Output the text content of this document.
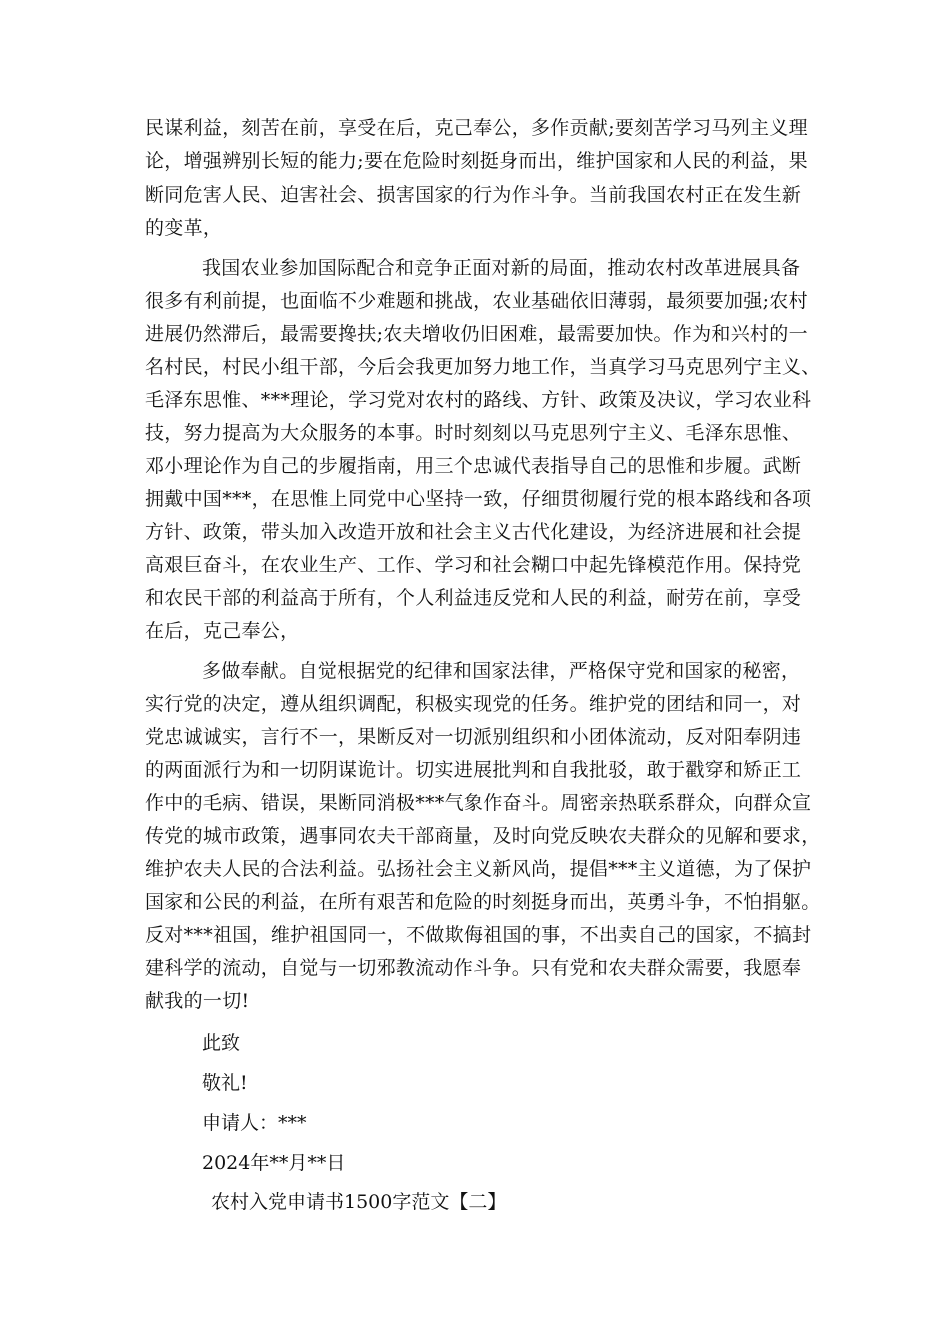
民谋利益，刻苦在前，享受在后，克己奉公，多作贡献;要刻苦学习马列主义理
论，增强辨别长短的能力;要在危险时刻挺身而出，维护国家和人民的利益，果
断同危害人民、迫害社会、损害国家的行为作斗争。当前我国农村正在发生新
的变革，
我国农业参加国际配合和竞争正面对新的局面，推动农村改革进展具备
很多有利前提，也面临不少难题和挑战，农业基础依旧薄弱，最须要加强;农村
进展仍然滞后，最需要搀扶;农夫增收仍旧困难，最需要加快。作为和兴村的一
名村民，村民小组干部，今后会我更加努力地工作，当真学习马克思列宁主义、
毛泽东思惟、***理论，学习党对农村的路线、方针、政策及决议，学习农业科
技，努力提高为大众服务的本事。时时刻刻以马克思列宁主义、毛泽东思惟、
邓小理论作为自己的步履指南，用三个忠诚代表指导自己的思惟和步履。武断
拥戴中国***，在思惟上同党中心坚持一致，仔细贯彻履行党的根本路线和各项
方针、政策，带头加入改造开放和社会主义古代化建设，为经济进展和社会提
高艰巨奋斗，在农业生产、工作、学习和社会糊口中起先锋模范作用。保持党
和农民干部的利益高于所有，个人利益违反党和人民的利益，耐劳在前，享受
在后，克己奉公，
多做奉献。自觉根据党的纪律和国家法律，严格保守党和国家的秘密，
实行党的决定，遵从组织调配，积极实现党的任务。维护党的团结和同一，对
党忠诚诚实，言行不一，果断反对一切派别组织和小团体流动，反对阳奉阴违
的两面派行为和一切阴谋诡计。切实进展批判和自我批驳，敢于戳穿和矫正工
作中的毛病、错误，果断同消极***气象作奋斗。周密亲热联系群众，向群众宣
传党的城市政策，遇事同农夫干部商量，及时向党反映农夫群众的见解和要求，
维护农夫人民的合法利益。弘扬社会主义新风尚，提倡***主义道德，为了保护
国家和公民的利益，在所有艰苦和危险的时刻挺身而出，英勇斗争，不怕捐躯。
反对***祖国，维护祖国同一，不做欺侮祖国的事，不出卖自己的国家，不搞封
建科学的流动，自觉与一切邪教流动作斗争。只有党和农夫群众需要，我愿奉
献我的一切!
此致
敬礼!
申请人：***
2024年**月**日
农村入党申请书1500字范文【二】
